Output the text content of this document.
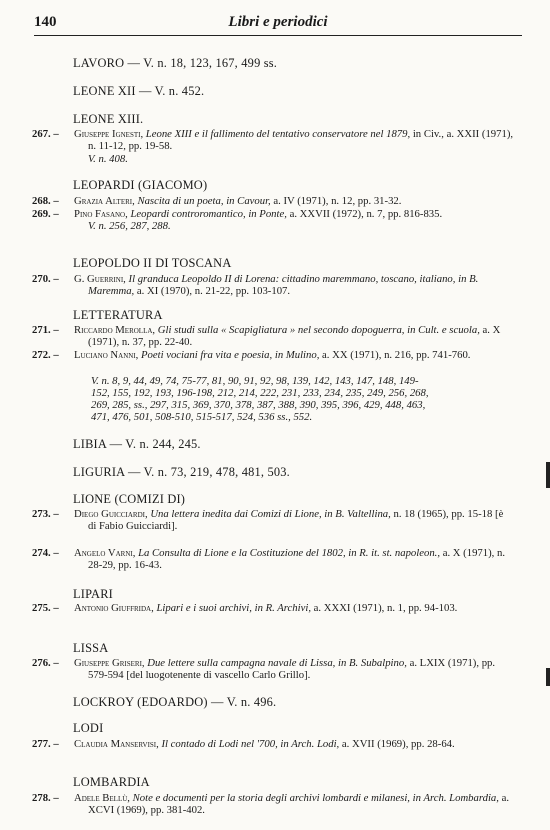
140	Libri e periodici
LAVORO — V. n. 18, 123, 167, 499 ss.
LEONE XII — V. n. 452.
LEONE XIII.
267. – Giuseppe Ignesti, Leone XIII e il fallimento del tentativo conservatore nel 1879, in Civ., a. XXII (1971), n. 11-12, pp. 19-58.
V. n. 408.
LEOPARDI (GIACOMO)
268. – Grazia Alteri, Nascita di un poeta, in Cavour, a. IV (1971), n. 12, pp. 31-32.
269. – Pino Fasano, Leopardi controromantico, in Ponte, a. XXVII (1972), n. 7, pp. 816-835.
V. n. 256, 287, 288.
LEOPOLDO II DI TOSCANA
270. – G. Guerrini, Il granduca Leopoldo II di Lorena: cittadino maremmano, toscano, italiano, in B. Maremma, a. XI (1970), n. 21-22, pp. 103-107.
LETTERATURA
271. – Riccardo Merolla, Gli studi sulla « Scapigliatura » nel secondo dopoguerra, in Cult. e scuola, a. X (1971), n. 37, pp. 22-40.
272. – Luciano Nanni, Poeti vociani fra vita e poesia, in Mulino, a. XX (1971), n. 216, pp. 741-760.
V. n. 8, 9, 44, 49, 74, 75-77, 81, 90, 91, 92, 98, 139, 142, 143, 147, 148, 149-
152, 155, 192, 193, 196-198, 212, 214, 222, 231, 233, 234, 235, 249, 256, 268,
269, 285, ss., 297, 315, 369, 370, 378, 387, 388, 390, 395, 396, 429, 448, 463,
471, 476, 501, 508-510, 515-517, 524, 536 ss., 552.
LIBIA — V. n. 244, 245.
LIGURIA — V. n. 73, 219, 478, 481, 503.
LIONE (COMIZI DI)
273. – Diego Guicciardi, Una lettera inedita dai Comizi di Lione, in B. Valtellina, n. 18 (1965), pp. 15-18 [è di Fabio Guicciardi].
274. – Angelo Varni, La Consulta di Lione e la Costituzione del 1802, in R. it. st. napoleon., a. X (1971), n. 28-29, pp. 16-43.
LIPARI
275. – Antonio Giuffrida, Lipari e i suoi archivi, in R. Archivi, a. XXXI (1971), n. 1, pp. 94-103.
LISSA
276. – Giuseppe Griseri, Due lettere sulla campagna navale di Lissa, in B. Subalpino, a. LXIX (1971), pp. 579-594 [del luogotenente di vascello Carlo Grillo].
LOCKROY (EDOARDO) — V. n. 496.
LODI
277. – Claudia Manservisi, Il contado di Lodi nel '700, in Arch. Lodi, a. XVII (1969), pp. 28-64.
LOMBARDIA
278. – Adele Bellù, Note e documenti per la storia degli archivi lombardi e milanesi, in Arch. Lombardia, a. XCVI (1969), pp. 381-402.
